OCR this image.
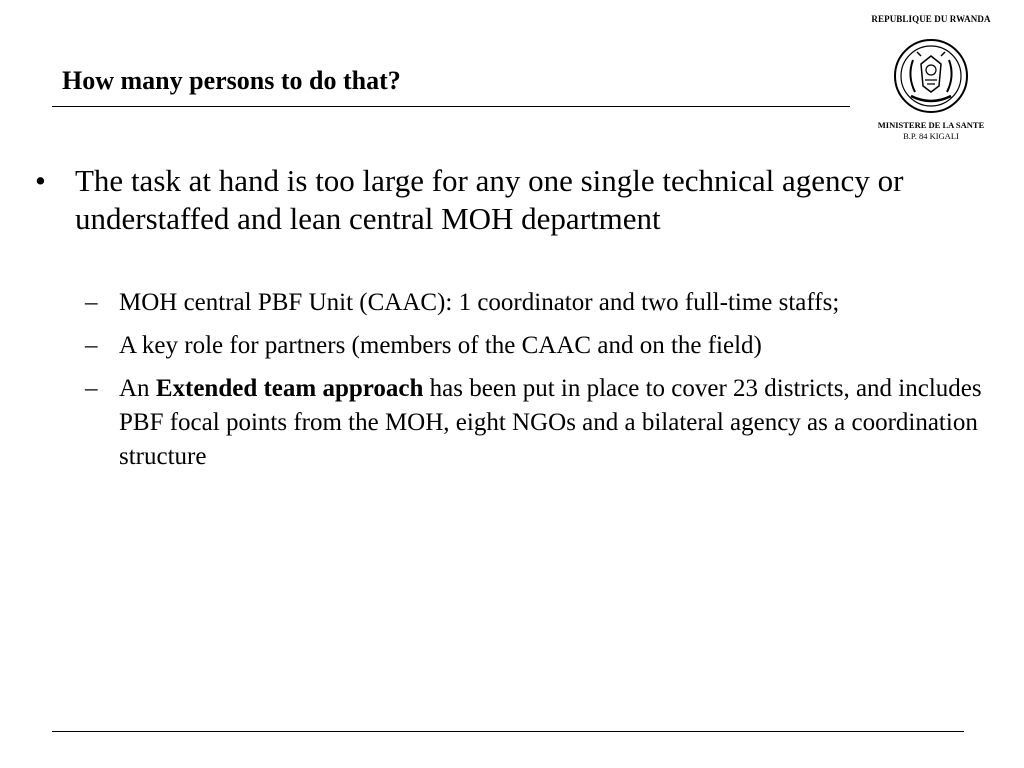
How many persons to do that?
REPUBLIQUE DU RWANDA
MINISTERE DE LA SANTE
B.P. 84 KIGALI
• The task at hand is too large for any one single technical agency or understaffed and lean central MOH department
– MOH central PBF Unit (CAAC): 1 coordinator and two full-time staffs;
– A key role for partners (members of the CAAC and on the field)
– An Extended team approach has been put in place to cover 23 districts, and includes PBF focal points from the MOH, eight NGOs and a bilateral agency as a coordination structure
